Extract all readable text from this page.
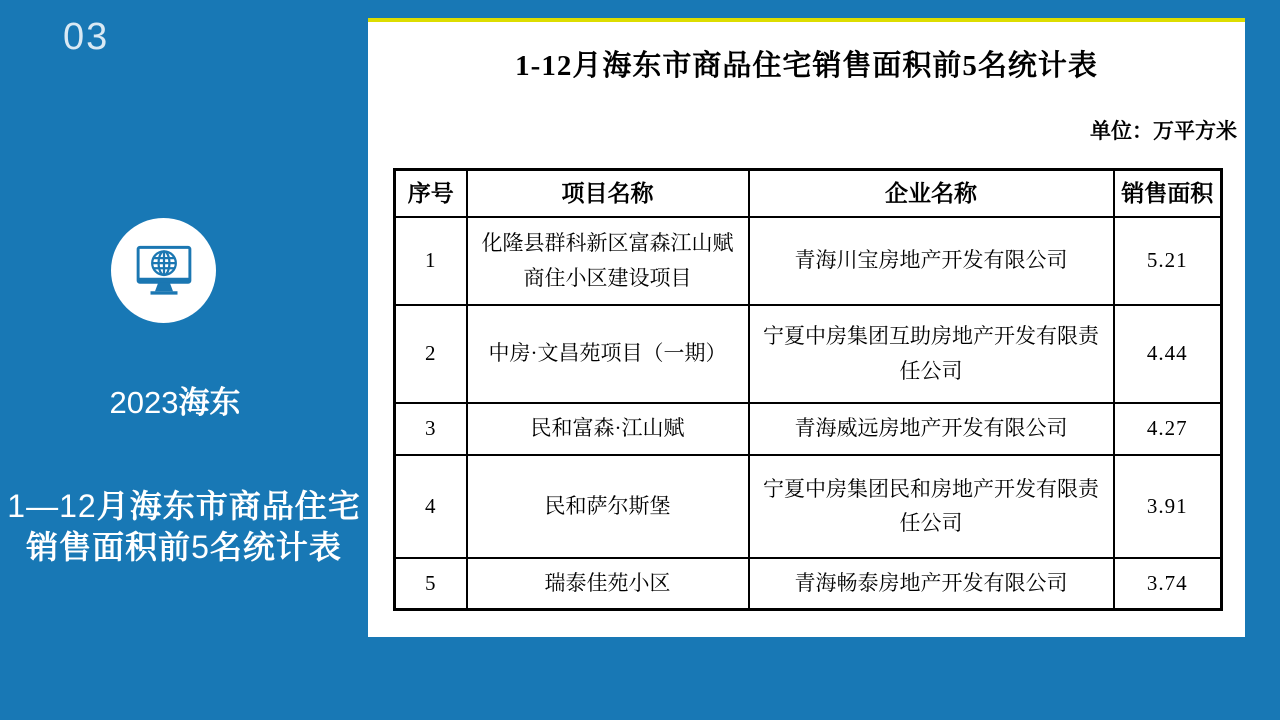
03
2023海东
1—12月海东市商品住宅
销售面积前5名统计表
1-12月海东市商品住宅销售面积前5名统计表
单位：万平方米
序号	项目名称	企业名称	销售面积
1	化隆县群科新区富森江山赋商住小区建设项目	青海川宝房地产开发有限公司	5.21
2	中房·文昌苑项目（一期）	宁夏中房集团互助房地产开发有限责任公司	4.44
3	民和富森·江山赋	青海威远房地产开发有限公司	4.27
4	民和萨尔斯堡	宁夏中房集团民和房地产开发有限责任公司	3.91
5	瑞泰佳苑小区	青海畅泰房地产开发有限公司	3.74
